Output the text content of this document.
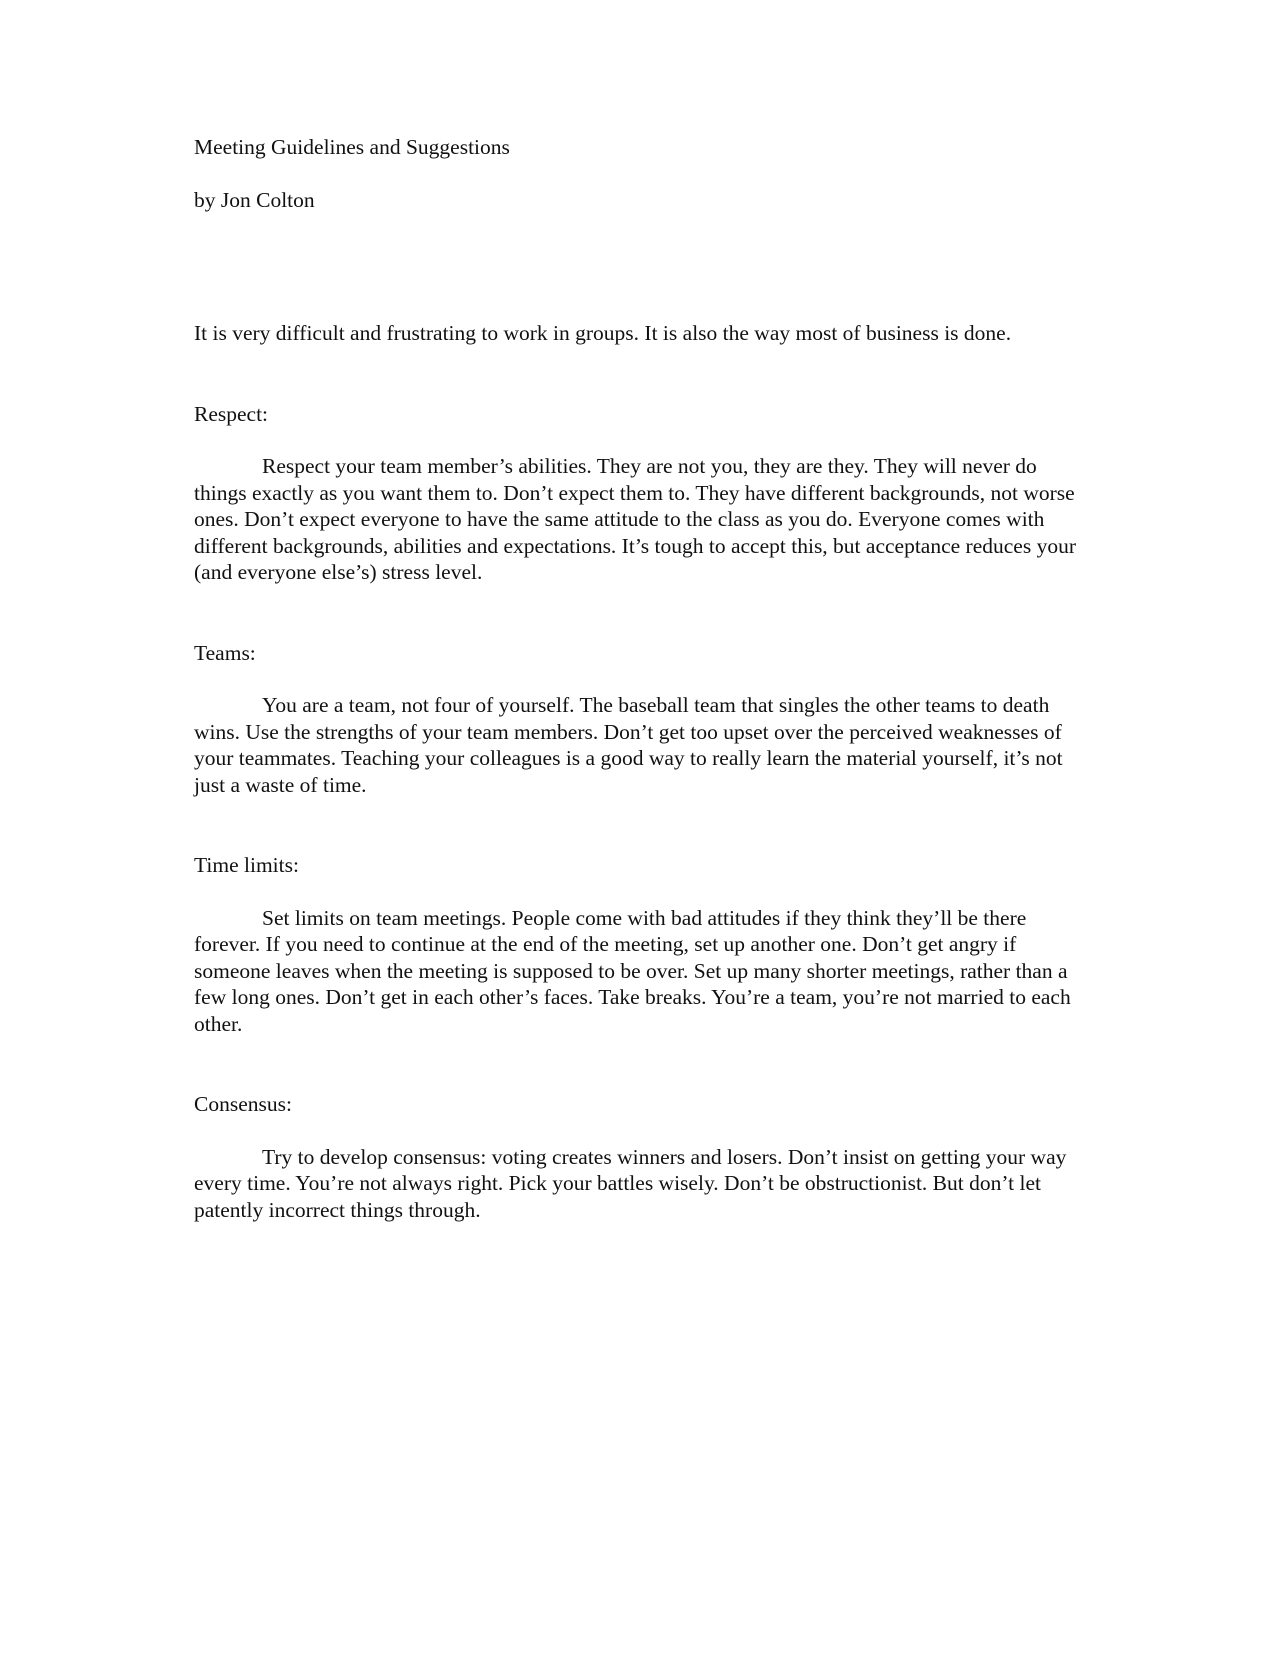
Meeting Guidelines and Suggestions

by Jon Colton

It is very difficult and frustrating to work in groups. It is also the way most of business is done.

Respect:

Respect your team member’s abilities. They are not you, they are they. They will never do things exactly as you want them to. Don’t expect them to. They have different backgrounds, not worse ones. Don’t expect everyone to have the same attitude to the class as you do. Everyone comes with different backgrounds, abilities and expectations. It’s tough to accept this, but acceptance reduces your (and everyone else’s) stress level.

Teams:

You are a team, not four of yourself. The baseball team that singles the other teams to death wins. Use the strengths of your team members. Don’t get too upset over the perceived weaknesses of your teammates. Teaching your colleagues is a good way to really learn the material yourself, it’s not just a waste of time.

Time limits:

Set limits on team meetings. People come with bad attitudes if they think they’ll be there forever. If you need to continue at the end of the meeting, set up another one. Don’t get angry if someone leaves when the meeting is supposed to be over. Set up many shorter meetings, rather than a few long ones. Don’t get in each other’s faces. Take breaks. You’re a team, you’re not married to each other.

Consensus:

Try to develop consensus: voting creates winners and losers. Don’t insist on getting your way every time. You’re not always right. Pick your battles wisely. Don’t be obstructionist. But don’t let patently incorrect things through.
